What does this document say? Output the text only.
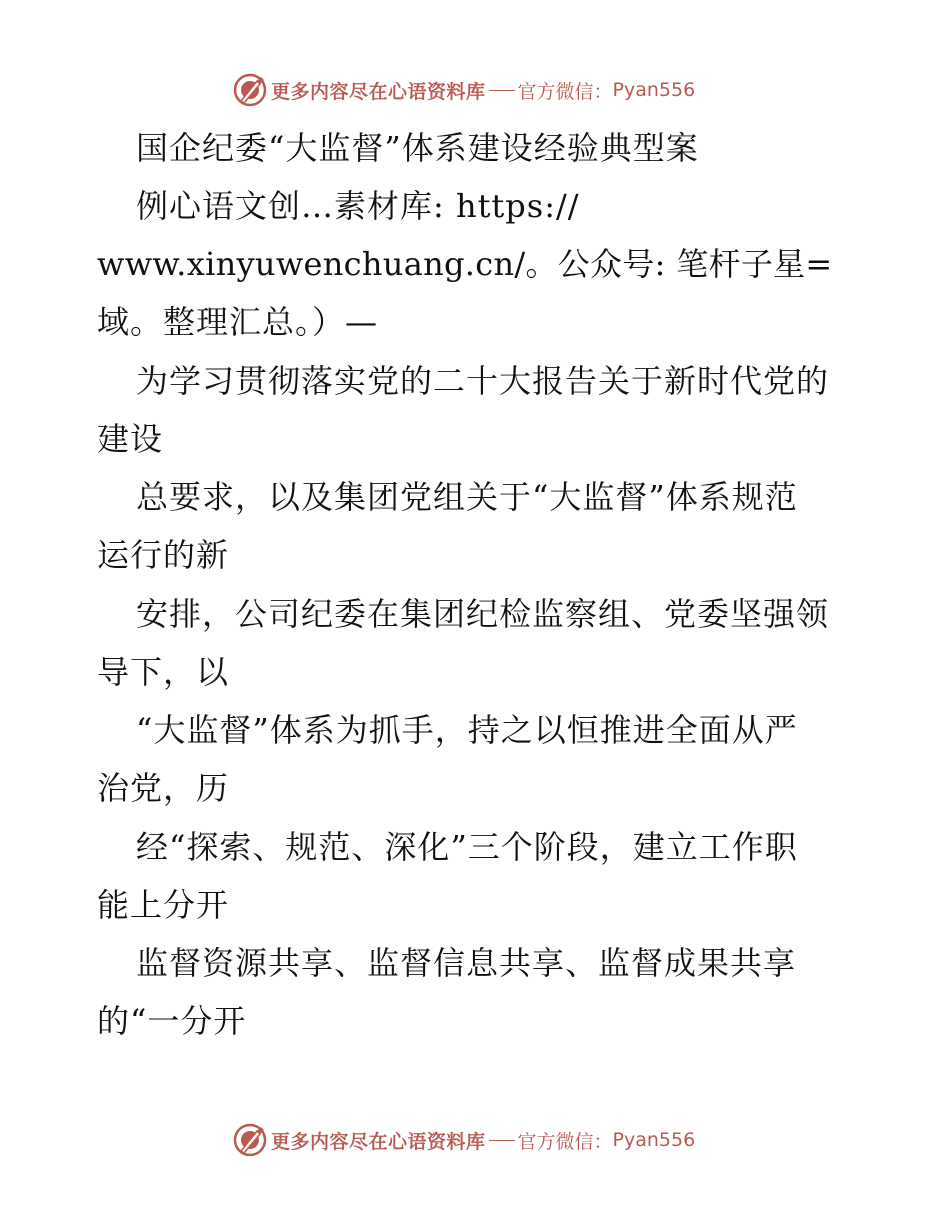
更多内容尽在心语资料库 官方微信： Pyan556
国企纪委“大监督”体系建设经验典型案
例心语文创…素材库: https://
www.xinyuwenchuang.cn/。公众号: 笔杆子星=
域。整理汇总。）—
为学习贯彻落实党的二十大报告关于新时代党的
建设
总要求，以及集团党组关于“大监督”体系规范
运行的新
安排，公司纪委在集团纪检监察组、党委坚强领
导下，以
“大监督”体系为抓手，持之以恒推进全面从严
治党，历
经“探索、规范、深化”三个阶段，建立工作职
能上分开
监督资源共享、监督信息共享、监督成果共享
的“一分开
更多内容尽在心语资料库 官方微信： Pyan556
